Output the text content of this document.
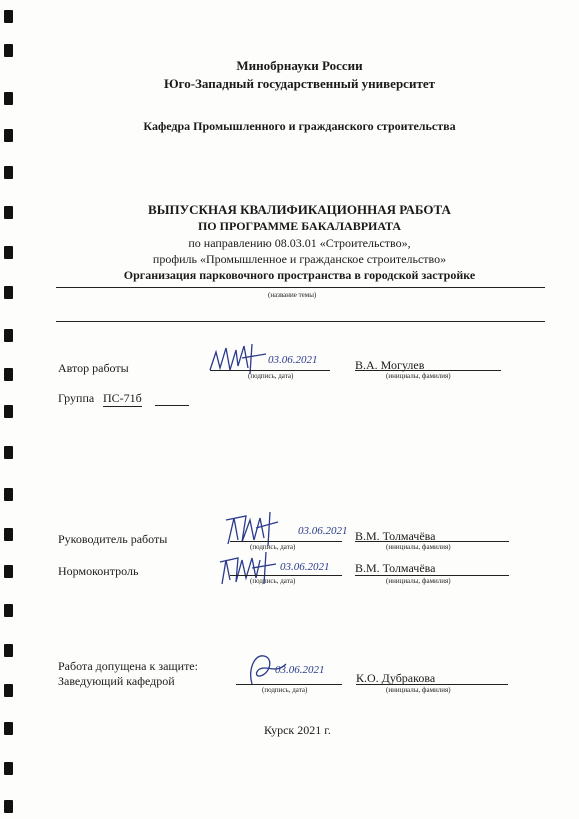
Минобрнауки России
Юго-Западный государственный университет
Кафедра Промышленного и гражданского строительства
ВЫПУСКНАЯ КВАЛИФИКАЦИОННАЯ РАБОТА
ПО ПРОГРАММЕ БАКАЛАВРИАТА
по направлению 08.03.01 «Строительство»,
профиль «Промышленное и гражданское строительство»
Организация парковочного пространства в городской застройке
(название темы)
Автор работы
03.06.2021
(подпись, дата)
В.А. Могулев
(инициалы, фамилия)
Группа ПС-71б
Руководитель работы
03.06.2021
(подпись, дата)
В.М. Толмачёва
(инициалы, фамилия)
Нормоконтроль	03.06.2021
(подпись, дата)
В.М. Толмачёва
(инициалы, фамилия)
Работа допущена к защите:
Заведующий кафедрой
03.06.2021
(подпись, дата)
К.О. Дубракова
(инициалы, фамилия)
Курск 2021 г.
